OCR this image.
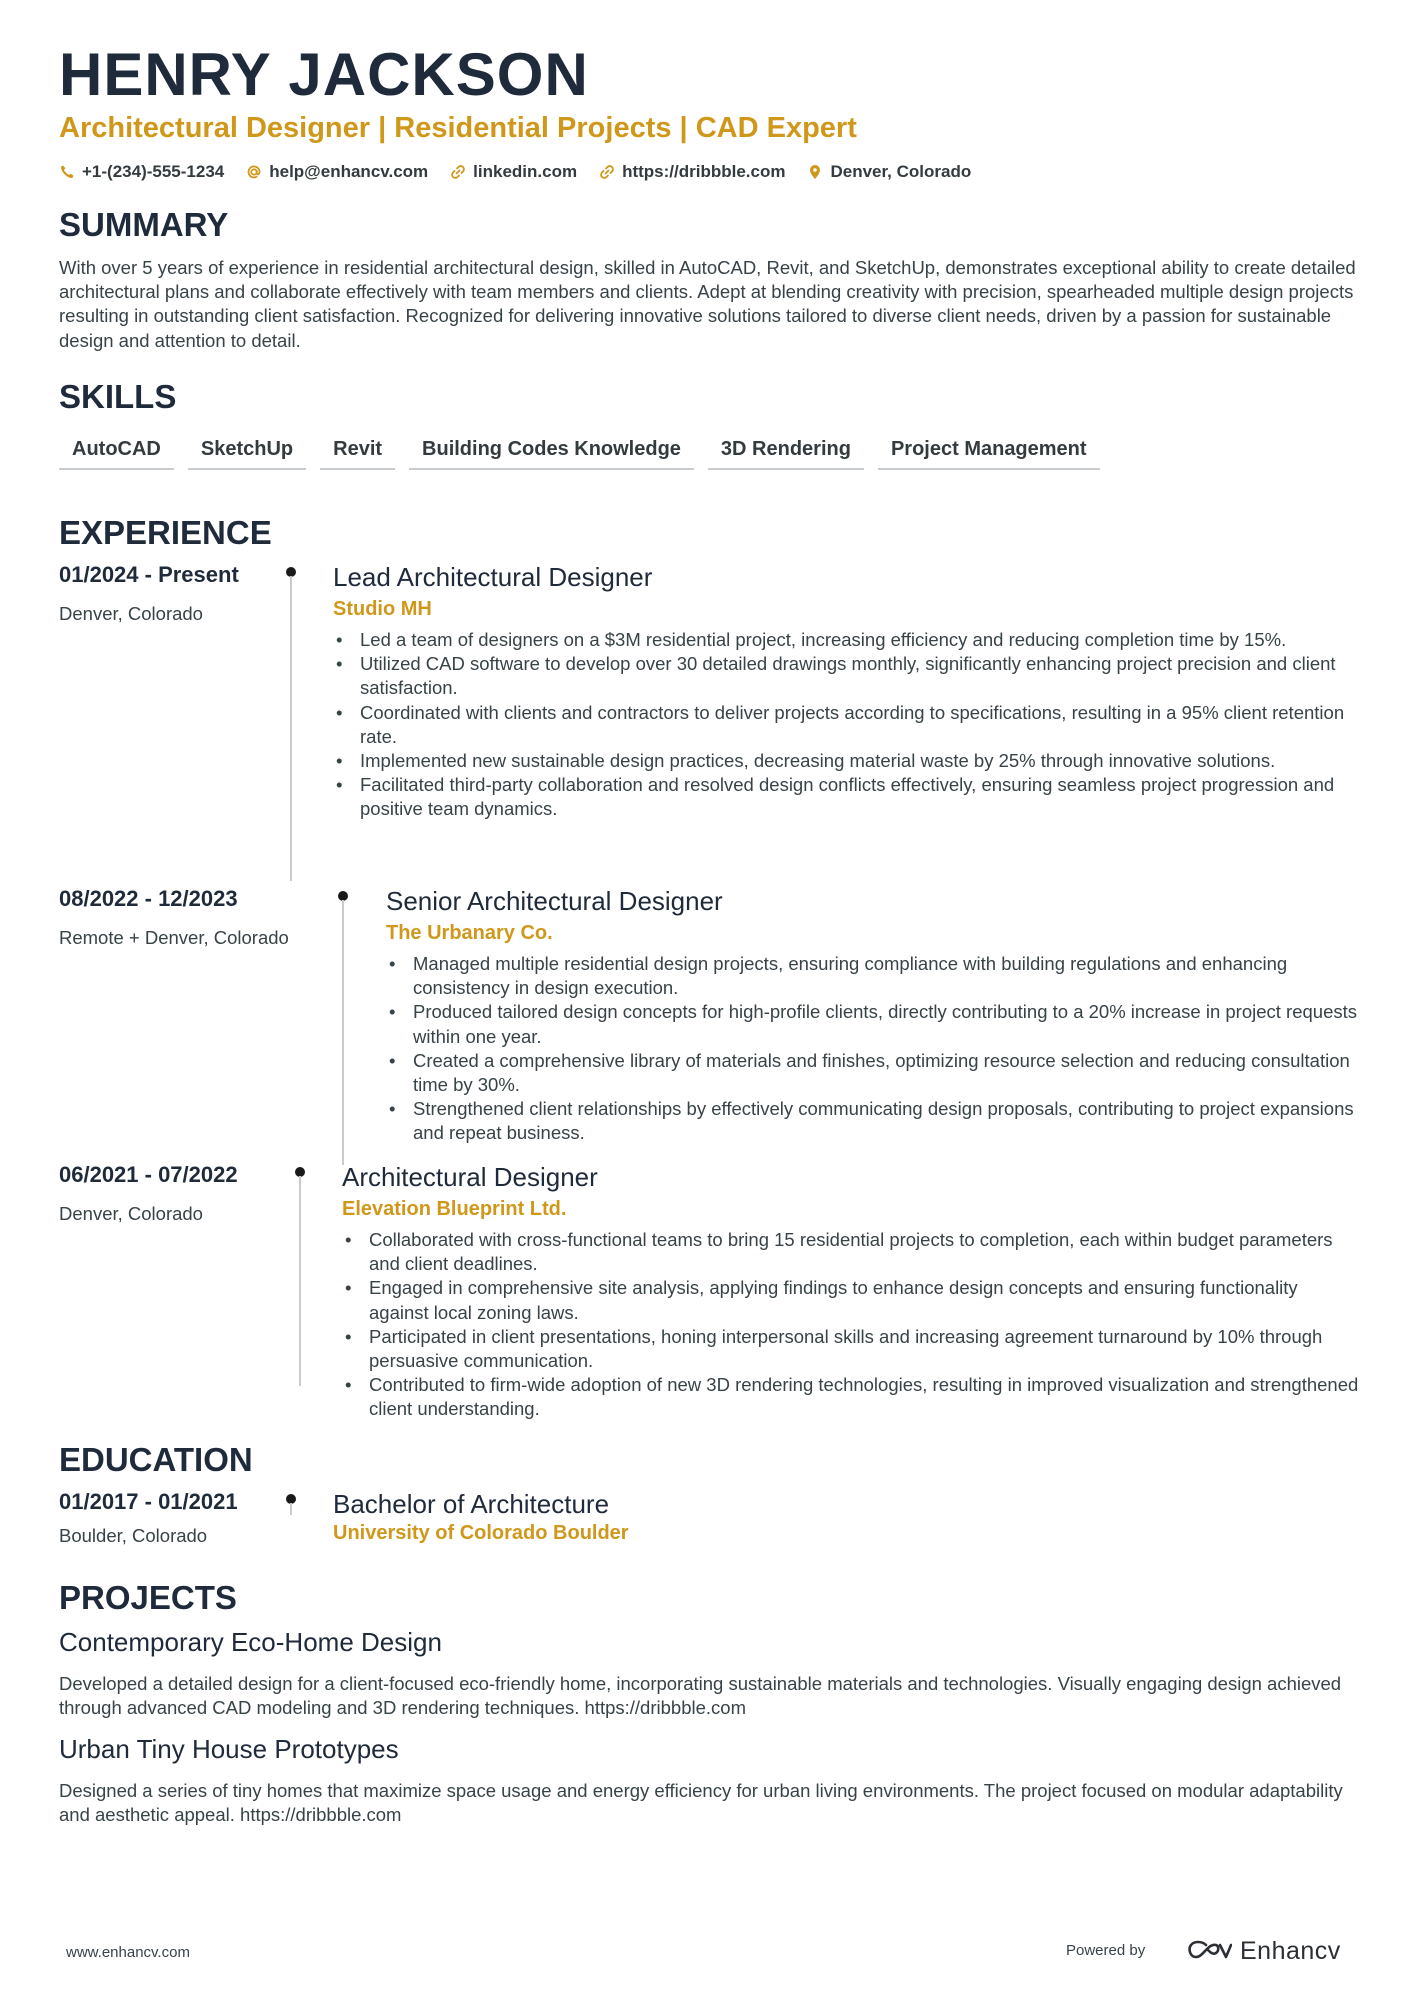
HENRY JACKSON
Architectural Designer | Residential Projects | CAD Expert
+1-(234)-555-1234	help@enhancv.com	linkedin.com	https://dribbble.com	Denver, Colorado
SUMMARY
With over 5 years of experience in residential architectural design, skilled in AutoCAD, Revit, and SketchUp, demonstrates exceptional ability to create detailed architectural plans and collaborate effectively with team members and clients. Adept at blending creativity with precision, spearheaded multiple design projects resulting in outstanding client satisfaction. Recognized for delivering innovative solutions tailored to diverse client needs, driven by a passion for sustainable design and attention to detail.
SKILLS
AutoCAD	SketchUp	Revit	Building Codes Knowledge	3D Rendering	Project Management
EXPERIENCE
01/2024 - Present
Denver, Colorado
Lead Architectural Designer
Studio MH
• Led a team of designers on a $3M residential project, increasing efficiency and reducing completion time by 15%.
• Utilized CAD software to develop over 30 detailed drawings monthly, significantly enhancing project precision and client satisfaction.
• Coordinated with clients and contractors to deliver projects according to specifications, resulting in a 95% client retention rate.
• Implemented new sustainable design practices, decreasing material waste by 25% through innovative solutions.
• Facilitated third-party collaboration and resolved design conflicts effectively, ensuring seamless project progression and positive team dynamics.
08/2022 - 12/2023
Remote + Denver, Colorado
Senior Architectural Designer
The Urbanary Co.
• Managed multiple residential design projects, ensuring compliance with building regulations and enhancing consistency in design execution.
• Produced tailored design concepts for high-profile clients, directly contributing to a 20% increase in project requests within one year.
• Created a comprehensive library of materials and finishes, optimizing resource selection and reducing consultation time by 30%.
• Strengthened client relationships by effectively communicating design proposals, contributing to project expansions and repeat business.
06/2021 - 07/2022
Denver, Colorado
Architectural Designer
Elevation Blueprint Ltd.
• Collaborated with cross-functional teams to bring 15 residential projects to completion, each within budget parameters and client deadlines.
• Engaged in comprehensive site analysis, applying findings to enhance design concepts and ensuring functionality against local zoning laws.
• Participated in client presentations, honing interpersonal skills and increasing agreement turnaround by 10% through persuasive communication.
• Contributed to firm-wide adoption of new 3D rendering technologies, resulting in improved visualization and strengthened client understanding.
EDUCATION
01/2017 - 01/2021
Boulder, Colorado
Bachelor of Architecture
University of Colorado Boulder
PROJECTS
Contemporary Eco-Home Design
Developed a detailed design for a client-focused eco-friendly home, incorporating sustainable materials and technologies. Visually engaging design achieved through advanced CAD modeling and 3D rendering techniques. https://dribbble.com
Urban Tiny House Prototypes
Designed a series of tiny homes that maximize space usage and energy efficiency for urban living environments. The project focused on modular adaptability and aesthetic appeal. https://dribbble.com
www.enhancv.com	Powered by	Enhancv
